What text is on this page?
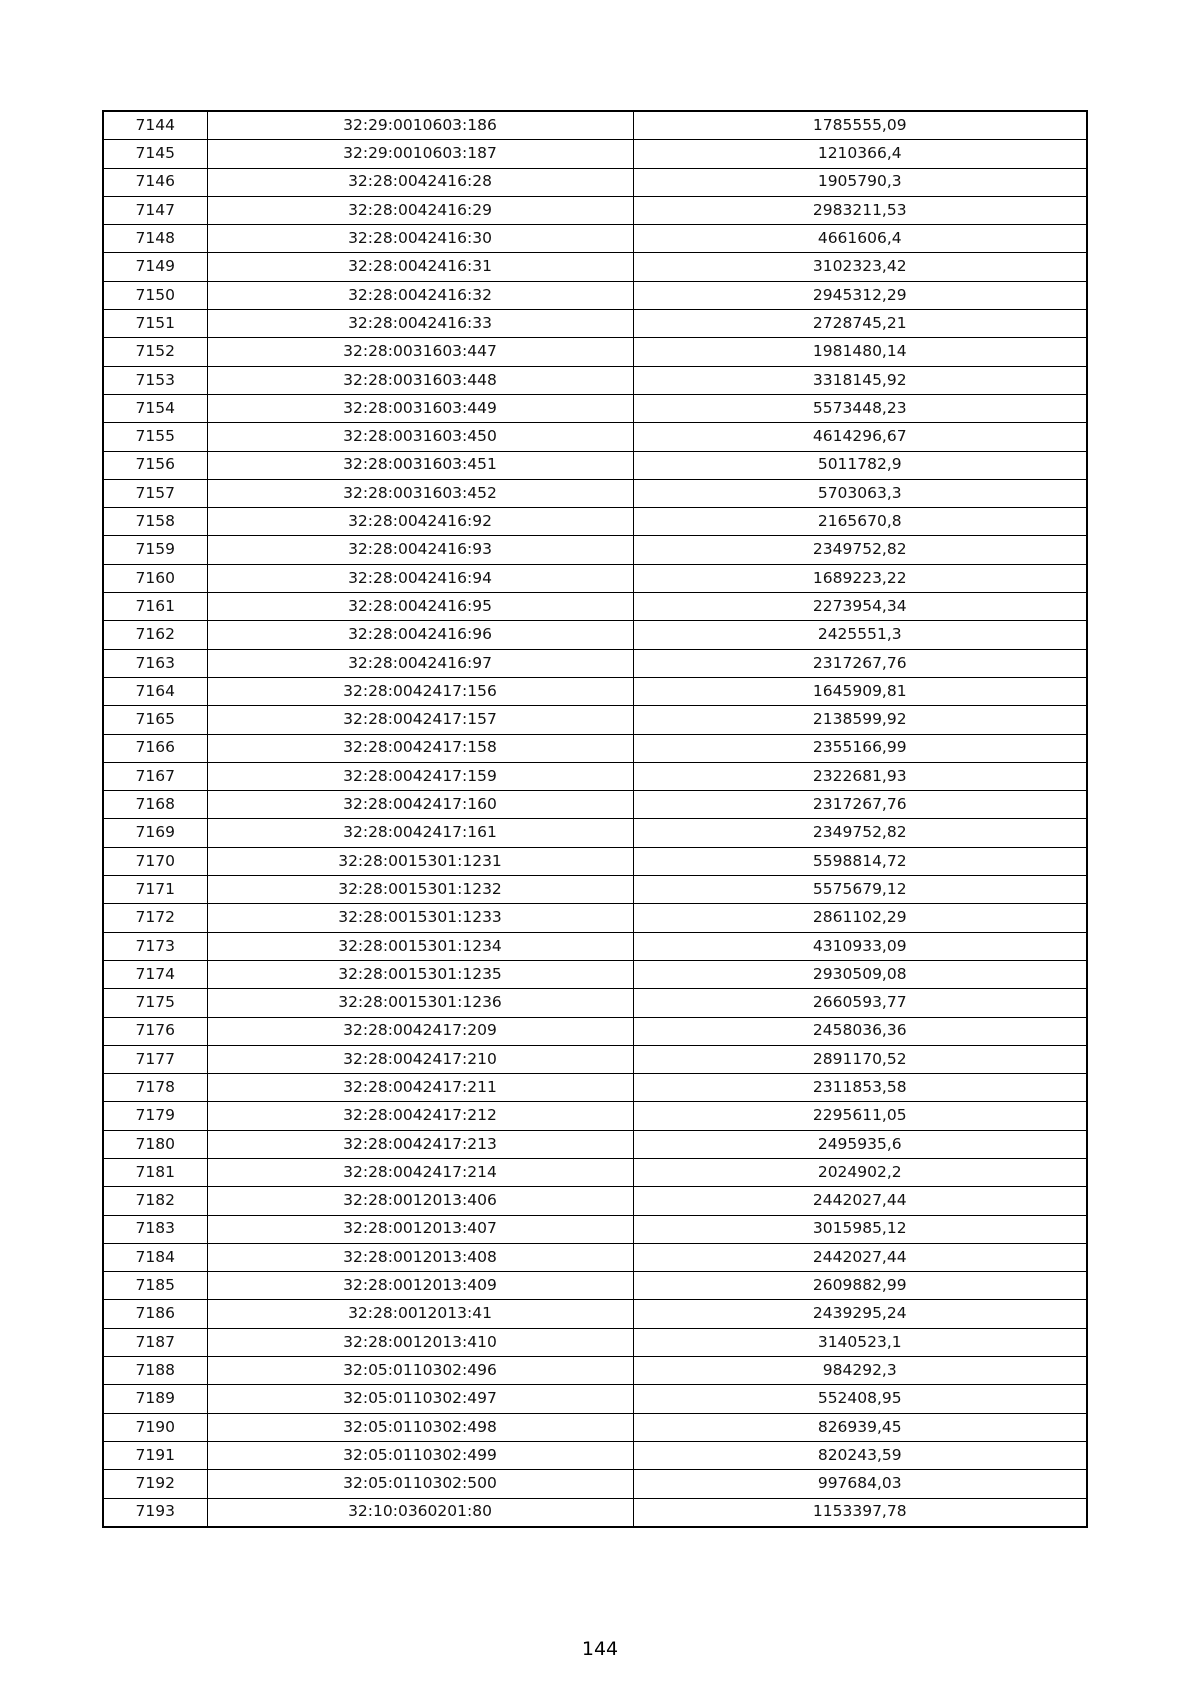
7144	32:29:0010603:186	1785555,09
7145	32:29:0010603:187	1210366,4
7146	32:28:0042416:28	1905790,3
7147	32:28:0042416:29	2983211,53
7148	32:28:0042416:30	4661606,4
7149	32:28:0042416:31	3102323,42
7150	32:28:0042416:32	2945312,29
7151	32:28:0042416:33	2728745,21
7152	32:28:0031603:447	1981480,14
7153	32:28:0031603:448	3318145,92
7154	32:28:0031603:449	5573448,23
7155	32:28:0031603:450	4614296,67
7156	32:28:0031603:451	5011782,9
7157	32:28:0031603:452	5703063,3
7158	32:28:0042416:92	2165670,8
7159	32:28:0042416:93	2349752,82
7160	32:28:0042416:94	1689223,22
7161	32:28:0042416:95	2273954,34
7162	32:28:0042416:96	2425551,3
7163	32:28:0042416:97	2317267,76
7164	32:28:0042417:156	1645909,81
7165	32:28:0042417:157	2138599,92
7166	32:28:0042417:158	2355166,99
7167	32:28:0042417:159	2322681,93
7168	32:28:0042417:160	2317267,76
7169	32:28:0042417:161	2349752,82
7170	32:28:0015301:1231	5598814,72
7171	32:28:0015301:1232	5575679,12
7172	32:28:0015301:1233	2861102,29
7173	32:28:0015301:1234	4310933,09
7174	32:28:0015301:1235	2930509,08
7175	32:28:0015301:1236	2660593,77
7176	32:28:0042417:209	2458036,36
7177	32:28:0042417:210	2891170,52
7178	32:28:0042417:211	2311853,58
7179	32:28:0042417:212	2295611,05
7180	32:28:0042417:213	2495935,6
7181	32:28:0042417:214	2024902,2
7182	32:28:0012013:406	2442027,44
7183	32:28:0012013:407	3015985,12
7184	32:28:0012013:408	2442027,44
7185	32:28:0012013:409	2609882,99
7186	32:28:0012013:41	2439295,24
7187	32:28:0012013:410	3140523,1
7188	32:05:0110302:496	984292,3
7189	32:05:0110302:497	552408,95
7190	32:05:0110302:498	826939,45
7191	32:05:0110302:499	820243,59
7192	32:05:0110302:500	997684,03
7193	32:10:0360201:80	1153397,78
144
